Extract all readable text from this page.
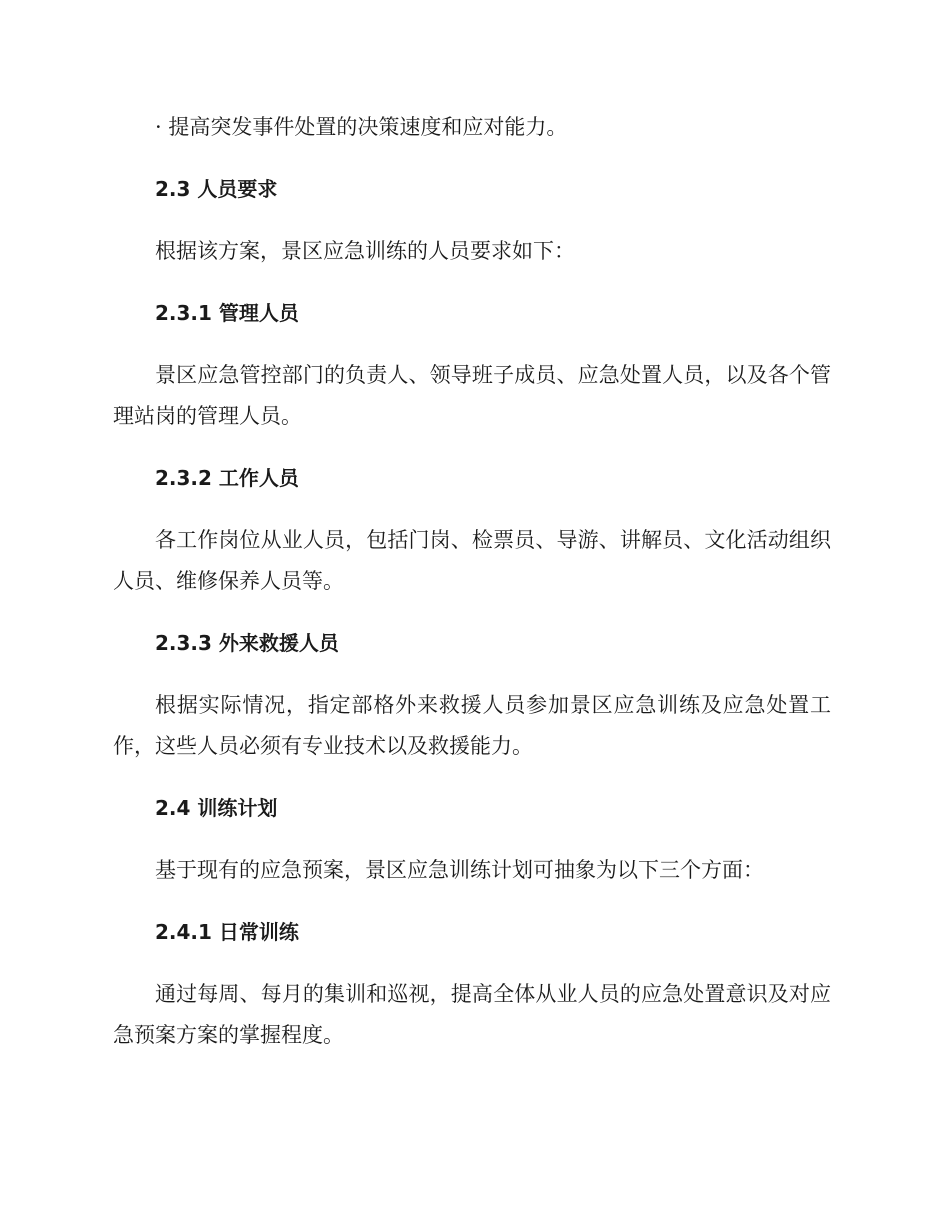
· 提高突发事件处置的决策速度和应对能力。

2.3 人员要求

根据该方案，景区应急训练的人员要求如下：

2.3.1 管理人员

景区应急管控部门的负责人、领导班子成员、应急处置人员，以及各个管理站岗的管理人员。

2.3.2 工作人员

各工作岗位从业人员，包括门岗、检票员、导游、讲解员、文化活动组织人员、维修保养人员等。

2.3.3 外来救援人员

根据实际情况，指定部格外来救援人员参加景区应急训练及应急处置工作，这些人员必须有专业技术以及救援能力。

2.4 训练计划

基于现有的应急预案，景区应急训练计划可抽象为以下三个方面：

2.4.1 日常训练

通过每周、每月的集训和巡视，提高全体从业人员的应急处置意识及对应急预案方案的掌握程度。
